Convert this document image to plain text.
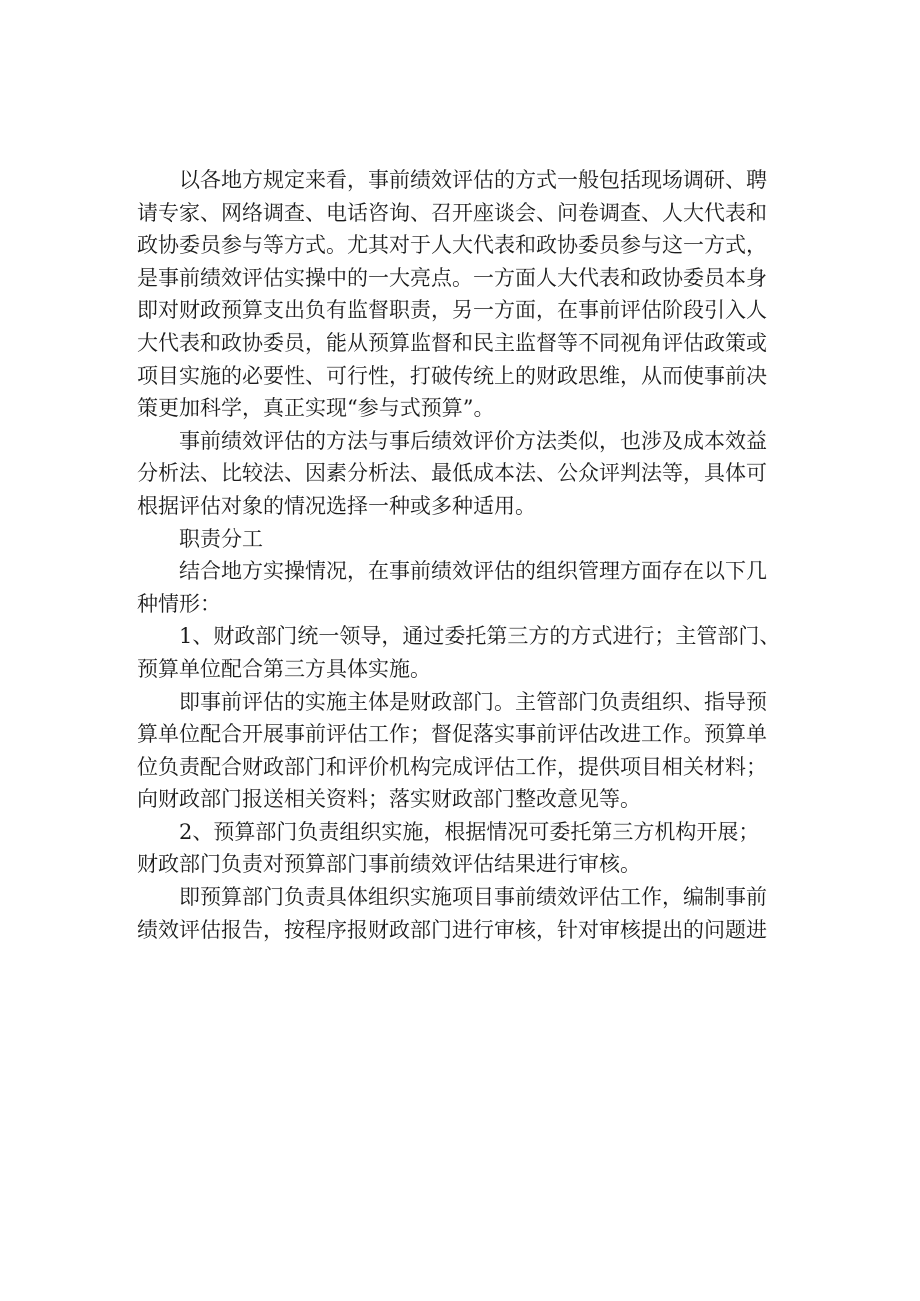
以各地方规定来看，事前绩效评估的方式一般包括现场调研、聘
请专家、网络调查、电话咨询、召开座谈会、问卷调查、人大代表和
政协委员参与等方式。尤其对于人大代表和政协委员参与这一方式，
是事前绩效评估实操中的一大亮点。一方面人大代表和政协委员本身
即对财政预算支出负有监督职责，另一方面，在事前评估阶段引入人
大代表和政协委员，能从预算监督和民主监督等不同视角评估政策或
项目实施的必要性、可行性，打破传统上的财政思维，从而使事前决
策更加科学，真正实现“参与式预算”。
事前绩效评估的方法与事后绩效评价方法类似，也涉及成本效益
分析法、比较法、因素分析法、最低成本法、公众评判法等，具体可
根据评估对象的情况选择一种或多种适用。
职责分工
结合地方实操情况，在事前绩效评估的组织管理方面存在以下几
种情形：
1、财政部门统一领导，通过委托第三方的方式进行；主管部门、
预算单位配合第三方具体实施。
即事前评估的实施主体是财政部门。主管部门负责组织、指导预
算单位配合开展事前评估工作；督促落实事前评估改进工作。预算单
位负责配合财政部门和评价机构完成评估工作，提供项目相关材料；
向财政部门报送相关资料；落实财政部门整改意见等。
2、预算部门负责组织实施，根据情况可委托第三方机构开展；
财政部门负责对预算部门事前绩效评估结果进行审核。
即预算部门负责具体组织实施项目事前绩效评估工作，编制事前
绩效评估报告，按程序报财政部门进行审核，针对审核提出的问题进
